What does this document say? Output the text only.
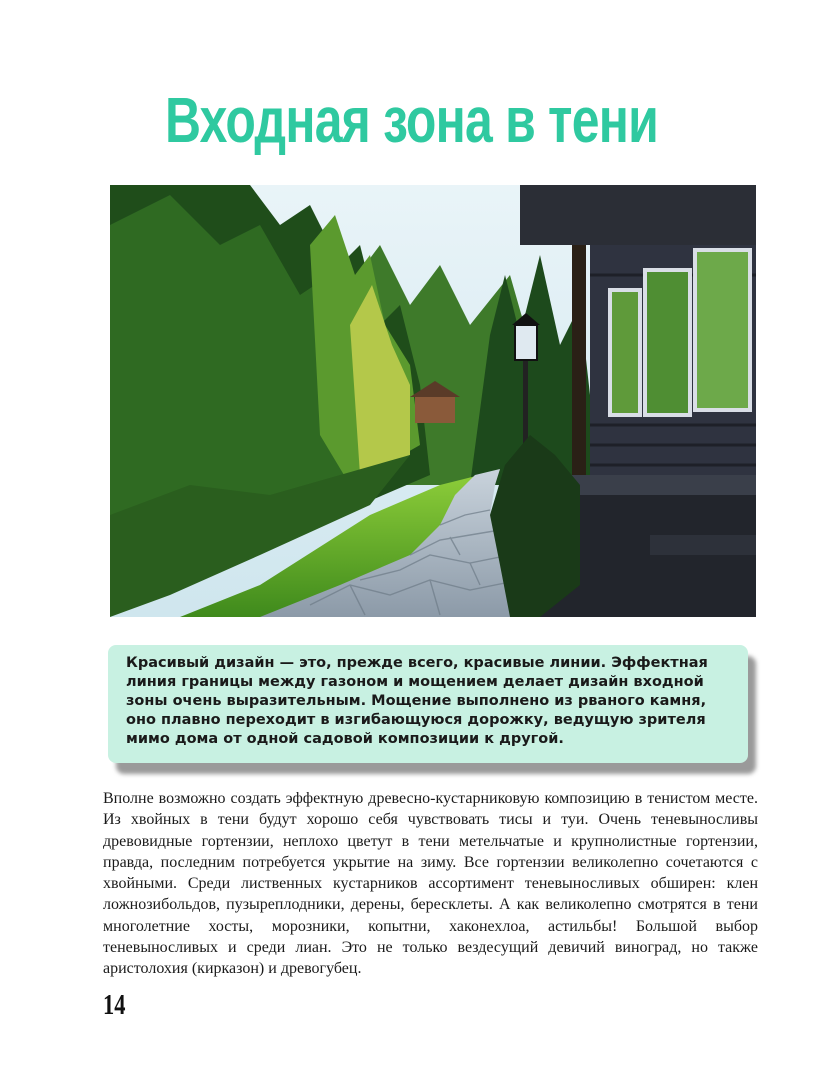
Входная зона в тени
Красивый дизайн — это, прежде всего, красивые линии. Эффектная линия границы между газоном и мощением делает дизайн входной зоны очень выразительным. Мощение выполнено из рваного камня, оно плавно переходит в изгибающуюся дорожку, ведущую зрителя мимо дома от одной садовой композиции к другой.
Вполне возможно создать эффектную древесно-кустарниковую композицию в тенистом месте. Из хвойных в тени будут хорошо себя чувствовать тисы и туи. Очень теневыносливы древовидные гортензии, неплохо цветут в тени метельчатые и крупнолистные гортензии, правда, последним потребуется укрытие на зиму. Все гортензии великолепно сочетаются с хвойными. Среди лиственных кустарников ассортимент теневыносливых обширен: клен ложнозибольдов, пузыреплодники, дерены, бересклеты. А как великолепно смотрятся в тени многолетние хосты, морозники, копытни, хаконехлоа, астильбы! Большой выбор теневыносливых и среди лиан. Это не только вездесущий девичий виноград, но также аристолохия (кирказон) и древогубец.
14
